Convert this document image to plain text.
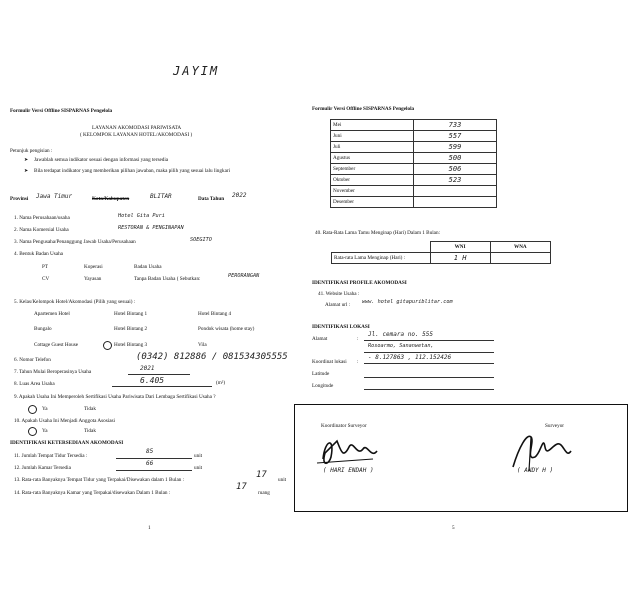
JAYIM
Formulir Versi Offline SISPARNAS Pengelola
LAYANAN AKOMODASI PARIWISATA
( KELOMPOK LAYANAN HOTEL/AKOMODASI )
Petunjuk pengisian :
➤ Jawablah semua indikator sesuai dengan informasi yang tersedia
➤ Bila terdapat indikator yang memberikan pilihan jawaban, maka pilih yang sesuai lalu lingkari
Provinsi Jawa Timur	Kota/Kabupaten	BLITAR	Data Tahun 2022
1. Nama Perusahaan/usaha	Hotel Gita Puri
2. Nama Komersial Usaha	RESTORAN & PENGINAPAN
3. Nama Pengusaha/Penanggung Jawab Usaha/Perusahaan	SOEGITO
4. Bentuk Badan Usaha
PT	Koperasi	Badan Usaha
CV	Yayasan	Tanpa Badan Usaha ( Sebutkan:	PERORANGAN
5. Kelas/Kelompok Hotel/Akomodasi (Pilih yang sesuai) :
Apartemen Hotel	Hotel Bintang 1	Hotel Bintang 4
Bungalo	Hotel Bintang 2	Pondok wisata (home stay)
Cottage Guest House	Hotel Bintang 3	Vila
6. Nomor Telefon	(0342) 812886 / 081534305555
7. Tahun Mulai Beroperasinya Usaha	2021
8. Luas Area Usaha	6.405	(m²)
9. Apakah Usaha Ini Memperoleh Sertifikasi Usaha Pariwisata Dari Lembaga Sertifikasi Usaha ?
Ya	Tidak
10. Apakah Usaha Ini Menjadi Anggota Asosiasi
Ya	Tidak
IDENTIFIKASI KETERSEDIAAN AKOMODASI
11. Jumlah Tempat Tidur Tersedia :
85
unit
12. Jumlah Kamar Tersedia
66
unit
13. Rata-rata Banyaknya Tempat Tidur yang Terpakai/Disewakan dalam 1 Bulan :	17 unit
14. Rata-rata Banyaknya Kamar yang Terpakai/disewakan Dalam 1 Bulan :
17
ruang
1
Formulir Versi Offline SISPARNAS Pengelola
Mei	733
Juni	557
Juli	599
Agustus	500
September	506
Oktober	523
November	
Desember	
40. Rata-Rata Lama Tamu Menginap (Hari) Dalam 1 Bulan:
	WNI	WNA
Rata-rata Lama Menginap (Hari) :	1 H	
IDENTIFIKASI PROFILE AKOMODASI
41. Website Usaha :
Alamat url : www. hotel gitapuriblitar.com
IDENTIFIKASI LOKASI
Alamat	:
Jl. cemara no. 555
Rosoarmo, Sananwetan,
Koordinat lokasi :
- 8.127863 , 112.152426
Latitude
Longitude
Koordinator Surveyor	Surveyor
( HARI ENDAH )	( ANDY H )
5
